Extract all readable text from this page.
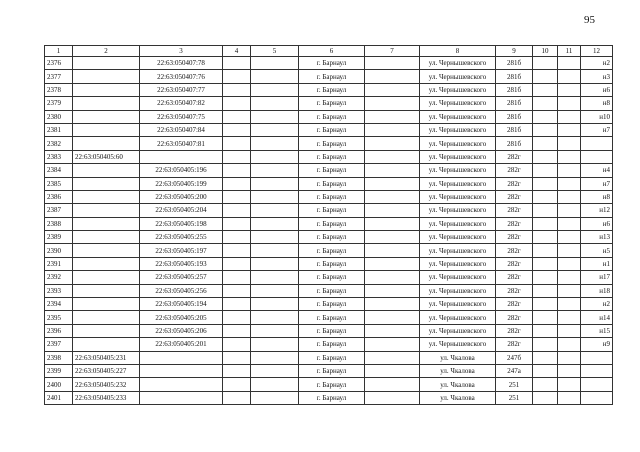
95
1	2	3	4	5	6	7	8	9	10	11	12
2376		22:63:050407:78			г. Барнаул		ул. Чернышевского	281б			н2
2377		22:63:050407:76			г. Барнаул		ул. Чернышевского	281б			н3
2378		22:63:050407:77			г. Барнаул		ул. Чернышевского	281б			н6
2379		22:63:050407:82			г. Барнаул		ул. Чернышевского	281б			н8
2380		22:63:050407:75			г. Барнаул		ул. Чернышевского	281б			н10
2381		22:63:050407:84			г. Барнаул		ул. Чернышевского	281б			н7
2382		22:63:050407:81			г. Барнаул		ул. Чернышевского	281б			
2383	22:63:050405:60				г. Барнаул		ул. Чернышевского	282г			
2384		22:63:050405:196			г. Барнаул		ул. Чернышевского	282г			н4
2385		22:63:050405:199			г. Барнаул		ул. Чернышевского	282г			н7
2386		22:63:050405:200			г. Барнаул		ул. Чернышевского	282г			н8
2387		22:63:050405:204			г. Барнаул		ул. Чернышевского	282г			н12
2388		22:63:050405:198			г. Барнаул		ул. Чернышевского	282г			н6
2389		22:63:050405:255			г. Барнаул		ул. Чернышевского	282г			н13
2390		22:63:050405:197			г. Барнаул		ул. Чернышевского	282г			н5
2391		22:63:050405:193			г. Барнаул		ул. Чернышевского	282г			н1
2392		22:63:050405:257			г. Барнаул		ул. Чернышевского	282г			н17
2393		22:63:050405:256			г. Барнаул		ул. Чернышевского	282г			н18
2394		22:63:050405:194			г. Барнаул		ул. Чернышевского	282г			н2
2395		22:63:050405:205			г. Барнаул		ул. Чернышевского	282г			н14
2396		22:63:050405:206			г. Барнаул		ул. Чернышевского	282г			н15
2397		22:63:050405:201			г. Барнаул		ул. Чернышевского	282г			н9
2398	22:63:050405:231				г. Барнаул		ул. Чкалова	247б			
2399	22:63:050405:227				г. Барнаул		ул. Чкалова	247а			
2400	22:63:050405:232				г. Барнаул		ул. Чкалова	251			
2401	22:63:050405:233				г. Барнаул		ул. Чкалова	251			
